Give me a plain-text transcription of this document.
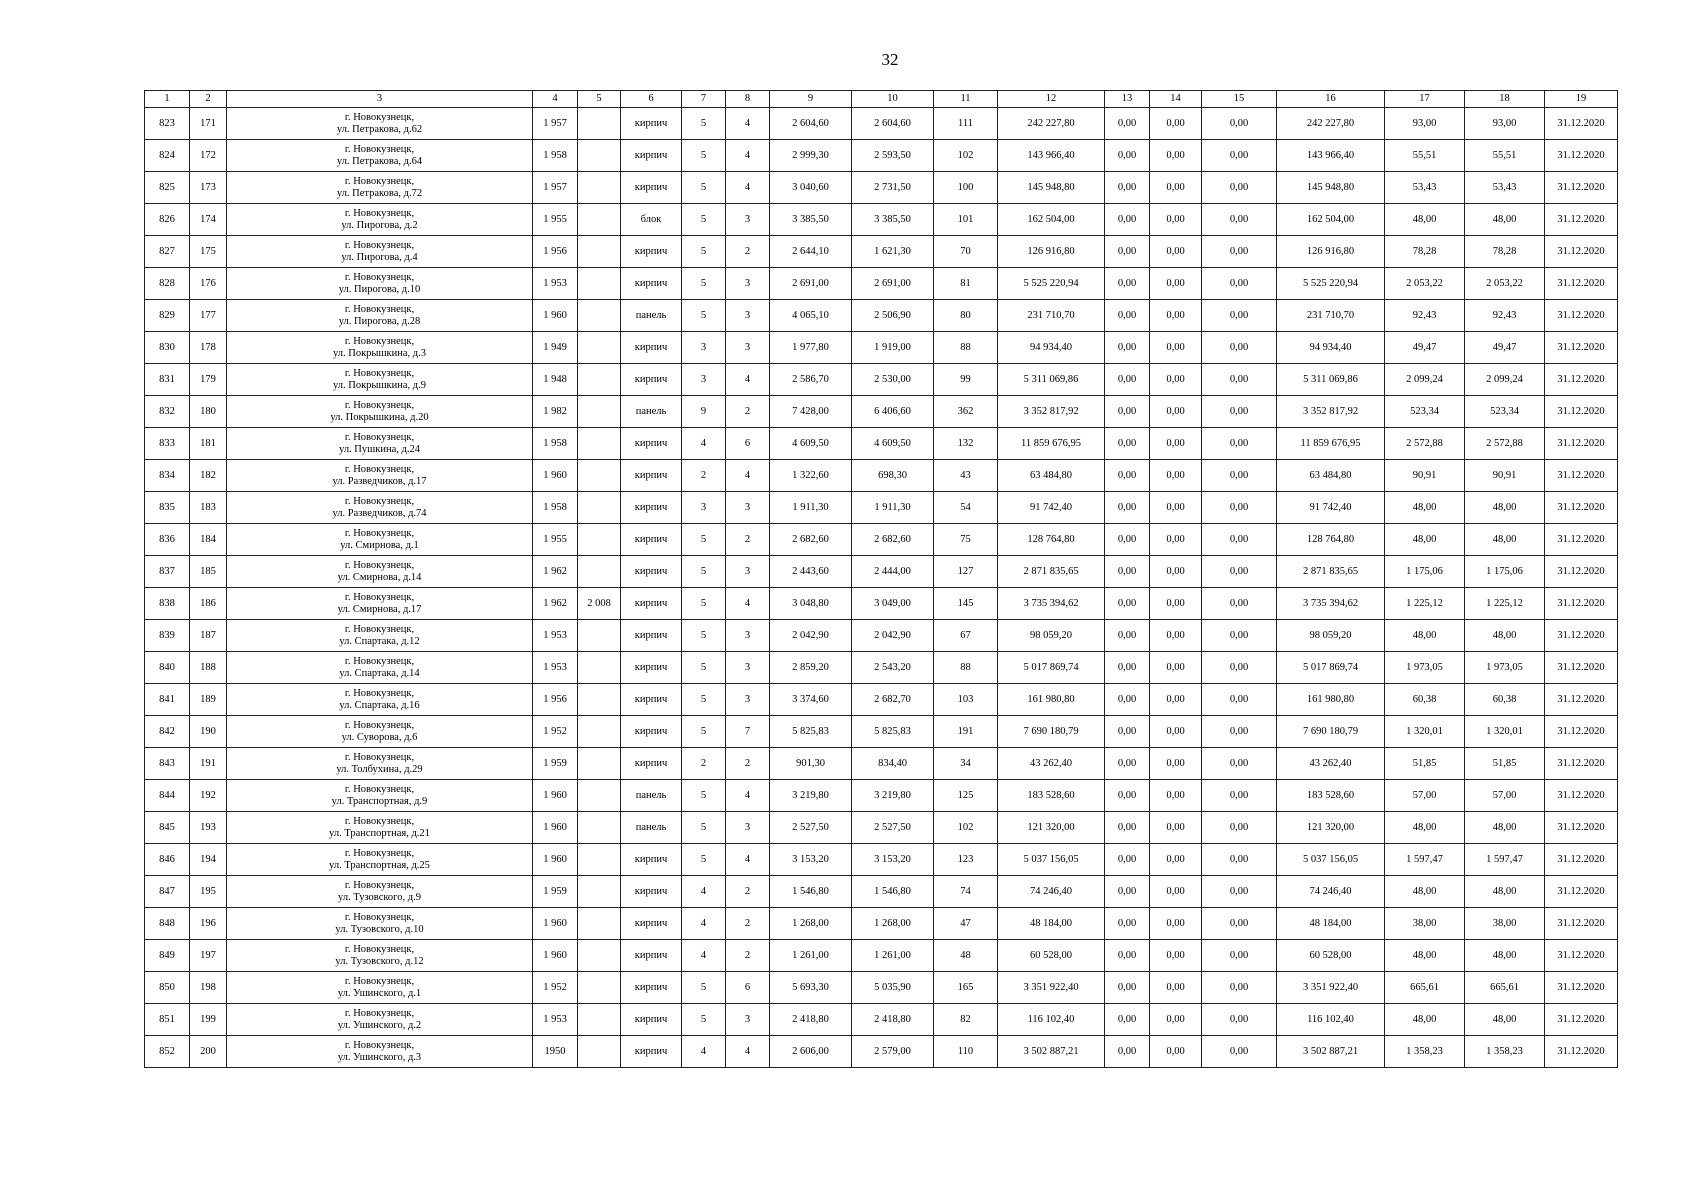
32
1	2	3	4	5	6	7	8	9	10	11	12	13	14	15	16	17	18	19
823	171	г. Новокузнецк,
ул. Петракова, д.62	1 957		кирпич	5	4	2 604,60	2 604,60	111	242 227,80	0,00	0,00	0,00	242 227,80	93,00	93,00	31.12.2020
824	172	г. Новокузнецк,
ул. Петракова, д.64	1 958		кирпич	5	4	2 999,30	2 593,50	102	143 966,40	0,00	0,00	0,00	143 966,40	55,51	55,51	31.12.2020
825	173	г. Новокузнецк,
ул. Петракова, д.72	1 957		кирпич	5	4	3 040,60	2 731,50	100	145 948,80	0,00	0,00	0,00	145 948,80	53,43	53,43	31.12.2020
826	174	г. Новокузнецк,
ул. Пирогова, д.2	1 955		блок	5	3	3 385,50	3 385,50	101	162 504,00	0,00	0,00	0,00	162 504,00	48,00	48,00	31.12.2020
827	175	г. Новокузнецк,
ул. Пирогова, д.4	1 956		кирпич	5	2	2 644,10	1 621,30	70	126 916,80	0,00	0,00	0,00	126 916,80	78,28	78,28	31.12.2020
828	176	г. Новокузнецк,
ул. Пирогова, д.10	1 953		кирпич	5	3	2 691,00	2 691,00	81	5 525 220,94	0,00	0,00	0,00	5 525 220,94	2 053,22	2 053,22	31.12.2020
829	177	г. Новокузнецк,
ул. Пирогова, д.28	1 960		панель	5	3	4 065,10	2 506,90	80	231 710,70	0,00	0,00	0,00	231 710,70	92,43	92,43	31.12.2020
830	178	г. Новокузнецк,
ул. Покрышкина, д.3	1 949		кирпич	3	3	1 977,80	1 919,00	88	94 934,40	0,00	0,00	0,00	94 934,40	49,47	49,47	31.12.2020
831	179	г. Новокузнецк,
ул. Покрышкина, д.9	1 948		кирпич	3	4	2 586,70	2 530,00	99	5 311 069,86	0,00	0,00	0,00	5 311 069,86	2 099,24	2 099,24	31.12.2020
832	180	г. Новокузнецк,
ул. Покрышкина, д.20	1 982		панель	9	2	7 428,00	6 406,60	362	3 352 817,92	0,00	0,00	0,00	3 352 817,92	523,34	523,34	31.12.2020
833	181	г. Новокузнецк,
ул. Пушкина, д.24	1 958		кирпич	4	6	4 609,50	4 609,50	132	11 859 676,95	0,00	0,00	0,00	11 859 676,95	2 572,88	2 572,88	31.12.2020
834	182	г. Новокузнецк,
ул. Разведчиков, д.17	1 960		кирпич	2	4	1 322,60	698,30	43	63 484,80	0,00	0,00	0,00	63 484,80	90,91	90,91	31.12.2020
835	183	г. Новокузнецк,
ул. Разведчиков, д.74	1 958		кирпич	3	3	1 911,30	1 911,30	54	91 742,40	0,00	0,00	0,00	91 742,40	48,00	48,00	31.12.2020
836	184	г. Новокузнецк,
ул. Смирнова, д.1	1 955		кирпич	5	2	2 682,60	2 682,60	75	128 764,80	0,00	0,00	0,00	128 764,80	48,00	48,00	31.12.2020
837	185	г. Новокузнецк,
ул. Смирнова, д.14	1 962		кирпич	5	3	2 443,60	2 444,00	127	2 871 835,65	0,00	0,00	0,00	2 871 835,65	1 175,06	1 175,06	31.12.2020
838	186	г. Новокузнецк,
ул. Смирнова, д.17	1 962	2 008	кирпич	5	4	3 048,80	3 049,00	145	3 735 394,62	0,00	0,00	0,00	3 735 394,62	1 225,12	1 225,12	31.12.2020
839	187	г. Новокузнецк,
ул. Спартака, д.12	1 953		кирпич	5	3	2 042,90	2 042,90	67	98 059,20	0,00	0,00	0,00	98 059,20	48,00	48,00	31.12.2020
840	188	г. Новокузнецк,
ул. Спартака, д.14	1 953		кирпич	5	3	2 859,20	2 543,20	88	5 017 869,74	0,00	0,00	0,00	5 017 869,74	1 973,05	1 973,05	31.12.2020
841	189	г. Новокузнецк,
ул. Спартака, д.16	1 956		кирпич	5	3	3 374,60	2 682,70	103	161 980,80	0,00	0,00	0,00	161 980,80	60,38	60,38	31.12.2020
842	190	г. Новокузнецк,
ул. Суворова, д.6	1 952		кирпич	5	7	5 825,83	5 825,83	191	7 690 180,79	0,00	0,00	0,00	7 690 180,79	1 320,01	1 320,01	31.12.2020
843	191	г. Новокузнецк,
ул. Толбухина, д.29	1 959		кирпич	2	2	901,30	834,40	34	43 262,40	0,00	0,00	0,00	43 262,40	51,85	51,85	31.12.2020
844	192	г. Новокузнецк,
ул. Транспортная, д.9	1 960		панель	5	4	3 219,80	3 219,80	125	183 528,60	0,00	0,00	0,00	183 528,60	57,00	57,00	31.12.2020
845	193	г. Новокузнецк,
ул. Транспортная, д.21	1 960		панель	5	3	2 527,50	2 527,50	102	121 320,00	0,00	0,00	0,00	121 320,00	48,00	48,00	31.12.2020
846	194	г. Новокузнецк,
ул. Транспортная, д.25	1 960		кирпич	5	4	3 153,20	3 153,20	123	5 037 156,05	0,00	0,00	0,00	5 037 156,05	1 597,47	1 597,47	31.12.2020
847	195	г. Новокузнецк,
ул. Тузовского, д.9	1 959		кирпич	4	2	1 546,80	1 546,80	74	74 246,40	0,00	0,00	0,00	74 246,40	48,00	48,00	31.12.2020
848	196	г. Новокузнецк,
ул. Тузовского, д.10	1 960		кирпич	4	2	1 268,00	1 268,00	47	48 184,00	0,00	0,00	0,00	48 184,00	38,00	38,00	31.12.2020
849	197	г. Новокузнецк,
ул. Тузовского, д.12	1 960		кирпич	4	2	1 261,00	1 261,00	48	60 528,00	0,00	0,00	0,00	60 528,00	48,00	48,00	31.12.2020
850	198	г. Новокузнецк,
ул. Ушинского, д.1	1 952		кирпич	5	6	5 693,30	5 035,90	165	3 351 922,40	0,00	0,00	0,00	3 351 922,40	665,61	665,61	31.12.2020
851	199	г. Новокузнецк,
ул. Ушинского, д.2	1 953		кирпич	5	3	2 418,80	2 418,80	82	116 102,40	0,00	0,00	0,00	116 102,40	48,00	48,00	31.12.2020
852	200	г. Новокузнецк,
ул. Ушинского, д.3	1950		кирпич	4	4	2 606,00	2 579,00	110	3 502 887,21	0,00	0,00	0,00	3 502 887,21	1 358,23	1 358,23	31.12.2020
